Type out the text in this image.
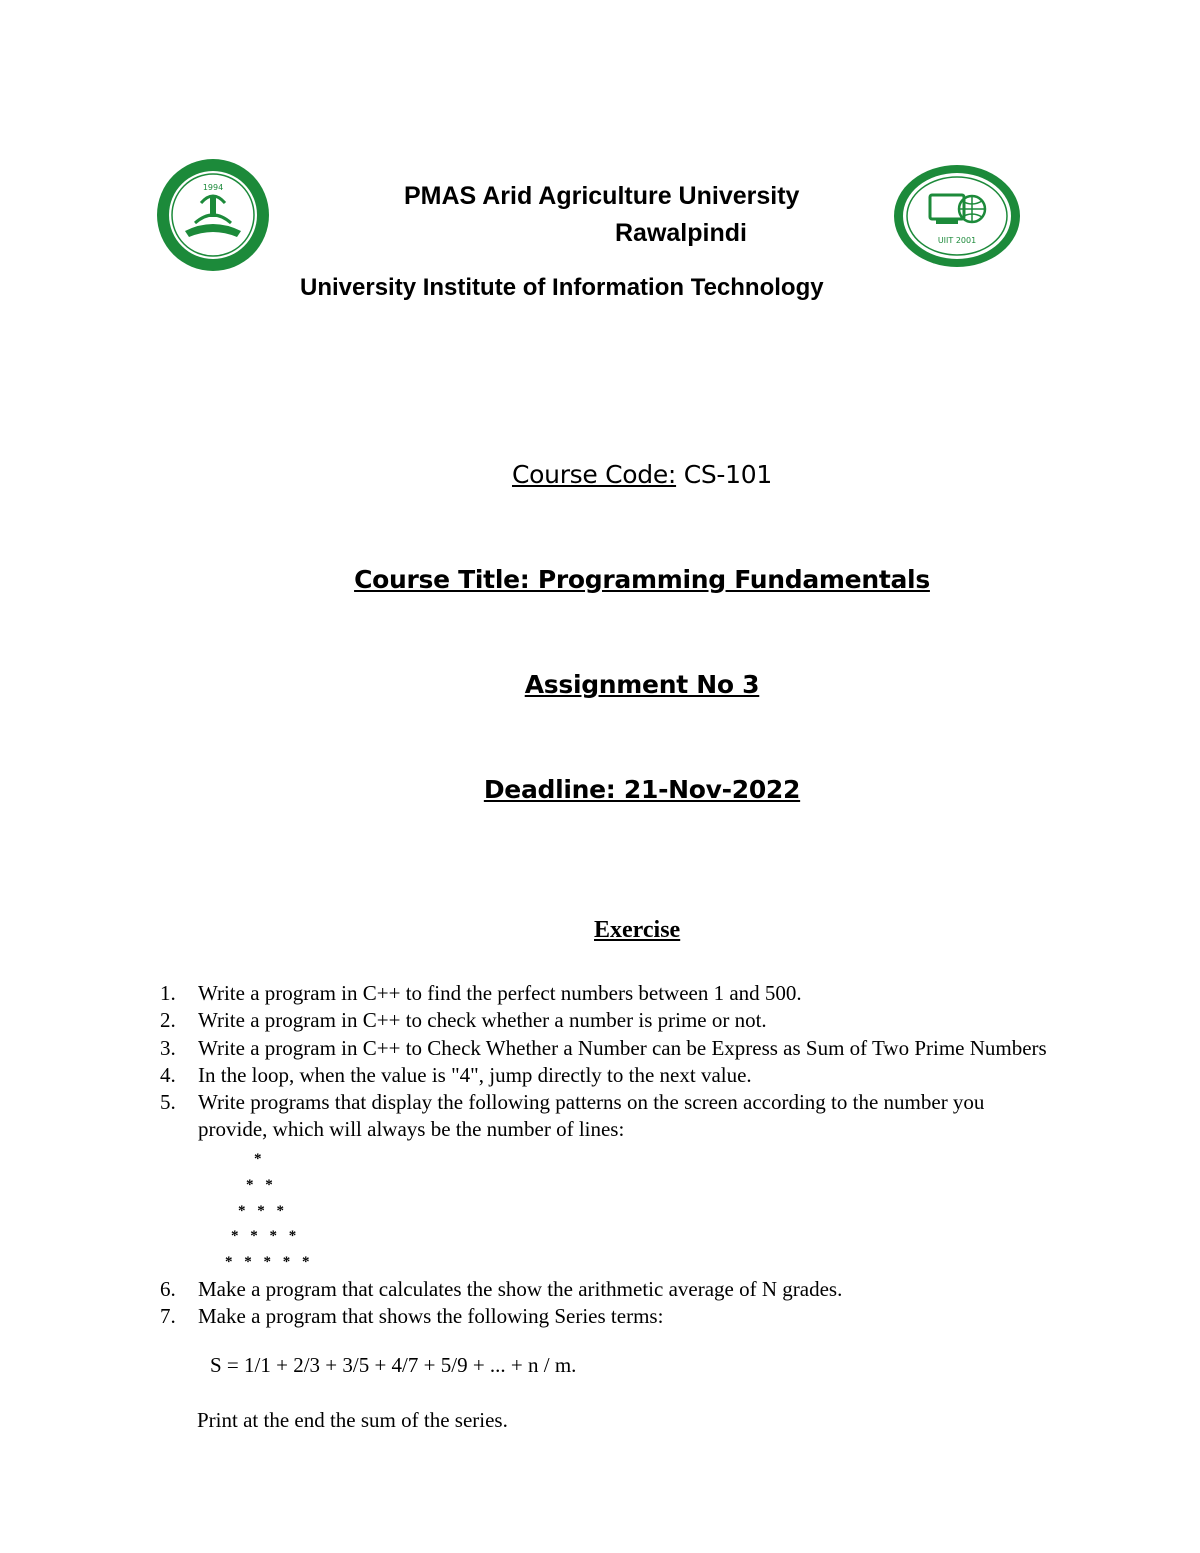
1994
UIIT 2001
PMAS Arid Agriculture University
Rawalpindi
University Institute of Information Technology
Course Code: CS-101
Course Title: Programming Fundamentals
Assignment No 3
Deadline: 21-Nov-2022
Exercise
1. Write a program in C++ to find the perfect numbers between 1 and 500.
2. Write a program in C++ to check whether a number is prime or not.
3. Write a program in C++ to Check Whether a Number can be Express as Sum of Two Prime Numbers
4. In the loop, when the value is "4", jump directly to the next value.
5. Write programs that display the following patterns on the screen according to the number you
provide, which will always be the number of lines:
*
* *
* * *
* * * *
* * * * *
6. Make a program that calculates the show the arithmetic average of N grades.
7. Make a program that shows the following Series terms:
S = 1/1 + 2/3 + 3/5 + 4/7 + 5/9 + ... + n / m.
Print at the end the sum of the series.
